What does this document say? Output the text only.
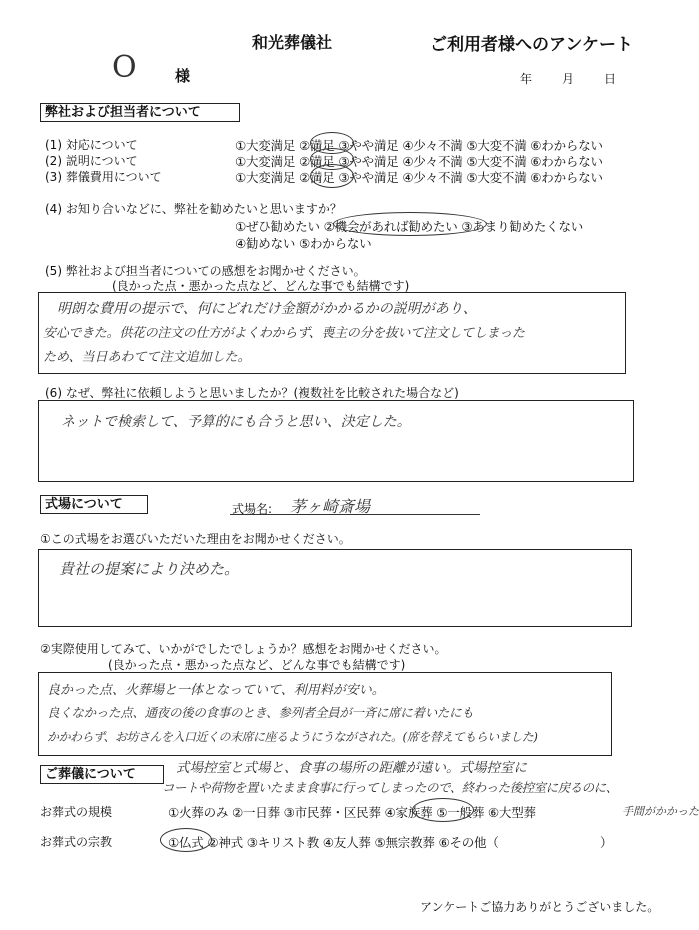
和光葬儀社	ご利用者様へのアンケート
O	様	年 月 日
弊社および担当者について
(1) 対応について	①大変満足 ②満足 ③やや満足 ④少々不満 ⑤大変不満 ⑥わからない
(2) 説明について	①大変満足 ②満足 ③やや満足 ④少々不満 ⑤大変不満 ⑥わからない
(3) 葬儀費用について	①大変満足 ②満足 ③やや満足 ④少々不満 ⑤大変不満 ⑥わからない
(4) お知り合いなどに、弊社を勧めたいと思いますか？
①ぜひ勧めたい ②機会があれば勧めたい ③あまり勧めたくない
④勧めない ⑤わからない
(5) 弊社および担当者についての感想をお聞かせください。
(良かった点・悪かった点など、どんな事でも結構です)
明朗な費用の提示で、何にどれだけ金額がかかるかの説明があり、
安心できた。供花の注文の仕方がよくわからず、喪主の分を抜いて注文してしまった
ため、当日あわてて注文追加した。
(6) なぜ、弊社に依頼しようと思いましたか？(複数社を比較された場合など)
ネットで検索して、予算的にも合うと思い、決定した。
式場について	式場名: 茅ヶ崎斎場
①この式場をお選びいただいた理由をお聞かせください。
貴社の提案により決めた。
②実際使用してみて、いかがでしたでしょうか？感想をお聞かせください。
(良かった点・悪かった点など、どんな事でも結構です)
良かった点、火葬場と一体となっていて、利用料が安い。
良くなかった点、通夜の後の食事のとき、参列者全員が一斉に席に着いたにも
かかわらず、お坊さんを入口近くの末席に座るようにうながされた。(席を替えてもらいました)
ご葬儀について	式場控室と式場と、食事の場所の距離が遠い。式場控室に
コートや荷物を置いたまま食事に行ってしまったので、終わった後控室に戻るのに、
手間がかかった
お葬式の規模	①火葬のみ ②一日葬 ③市民葬・区民葬 ④家族葬 ⑤一般葬 ⑥大型葬
お葬式の宗教	①仏式 ②神式 ③キリスト教 ④友人葬 ⑤無宗教葬 ⑥その他（	）
アンケートご協力ありがとうございました。
